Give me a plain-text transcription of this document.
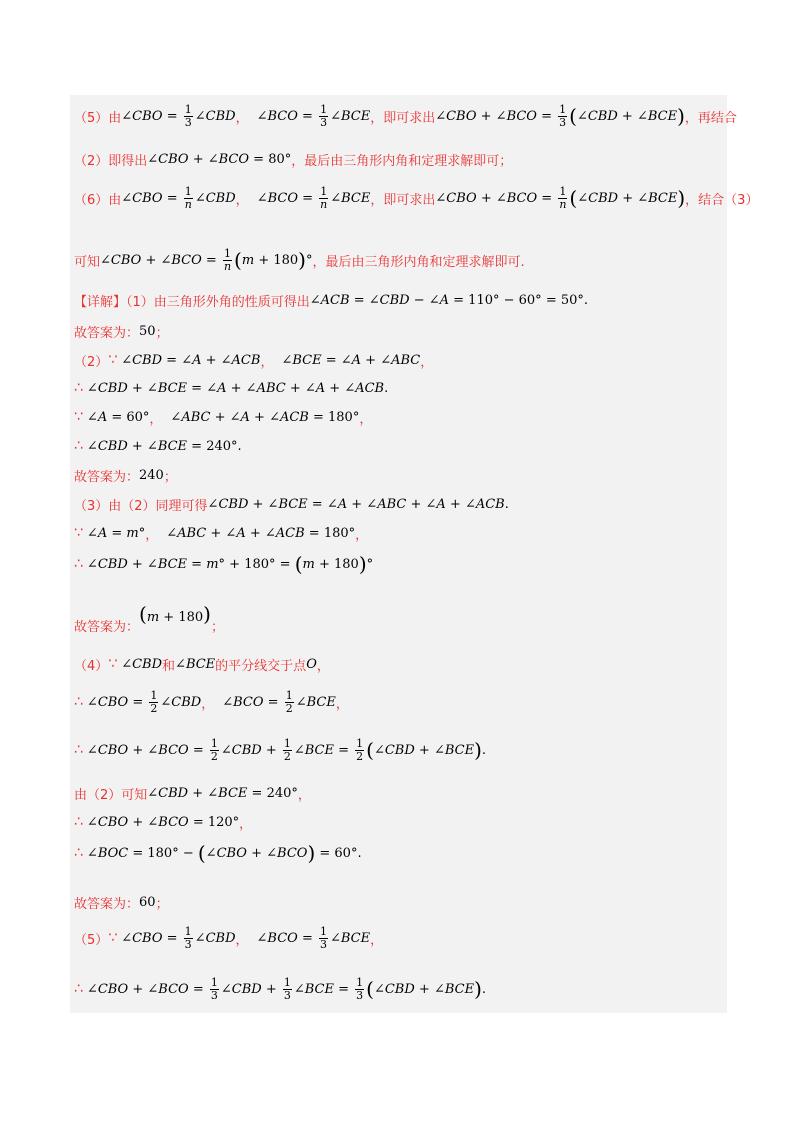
（5）由 ∠CBO = $\frac{1}{3}$ ∠CBD ， ∠BCO = $\frac{1}{3}$ ∠BCE ，即可求出 ∠CBO + ∠BCO = $\frac{1}{3}$ ( ∠CBD + ∠BCE ) ，再结合
（2）即得出 ∠CBO + ∠BCO = 80° ，最后由三角形内角和定理求解即可；
（6）由 ∠CBO = $\frac{1}{n}$ ∠CBD ， ∠BCO = $\frac{1}{n}$ ∠BCE ，即可求出 ∠CBO + ∠BCO = $\frac{1}{n}$ ( ∠CBD + ∠BCE ) ，结合（3）
可知 ∠CBO + ∠BCO = $\frac{1}{n}$ ( m + 180 ) ° ，最后由三角形内角和定理求解即可.
【详解】（1）由三角形外角的性质可得出 ∠ACB = ∠CBD − ∠A = 110° − 60° = 50° .
故答案为： 50 ；
（2） ∵ ∠CBD = ∠A + ∠ACB ， ∠BCE = ∠A + ∠ABC ，
∴ ∠CBD + ∠BCE = ∠A + ∠ABC + ∠A + ∠ACB .
∵ ∠A = 60° ， ∠ABC + ∠A + ∠ACB = 180° ，
∴ ∠CBD + ∠BCE = 240° .
故答案为： 240 ；
（3）由（2）同理可得 ∠CBD + ∠BCE = ∠A + ∠ABC + ∠A + ∠ACB .
∵ ∠A = m ° ， ∠ABC + ∠A + ∠ACB = 180° ，
∴ ∠CBD + ∠BCE = m ° + 180° = ( m + 180 ) °
故答案为：
(m + 180)
；
（4） ∵ ∠CBD 和 ∠BCE 的平分线交于点 O ，
∴ ∠CBO = $\frac{1}{2}$ ∠CBD ， ∠BCO = $\frac{1}{2}$ ∠BCE ，
∴ ∠CBO + ∠BCO = $\frac{1}{2}$ ∠CBD + $\frac{1}{2}$ ∠BCE = $\frac{1}{2}$ ( ∠CBD + ∠BCE ) .
由（2）可知 ∠CBD + ∠BCE = 240° ，
∴ ∠CBO + ∠BCO = 120° ，
∴ ∠BOC = 180° − ( ∠CBO + ∠BCO ) = 60° .
故答案为： 60 ；
（5） ∵ ∠CBO = $\frac{1}{3}$ ∠CBD ， ∠BCO = $\frac{1}{3}$ ∠BCE ，
∴ ∠CBO + ∠BCO = $\frac{1}{3}$ ∠CBD + $\frac{1}{3}$ ∠BCE = $\frac{1}{3}$ ( ∠CBD + ∠BCE ) .
